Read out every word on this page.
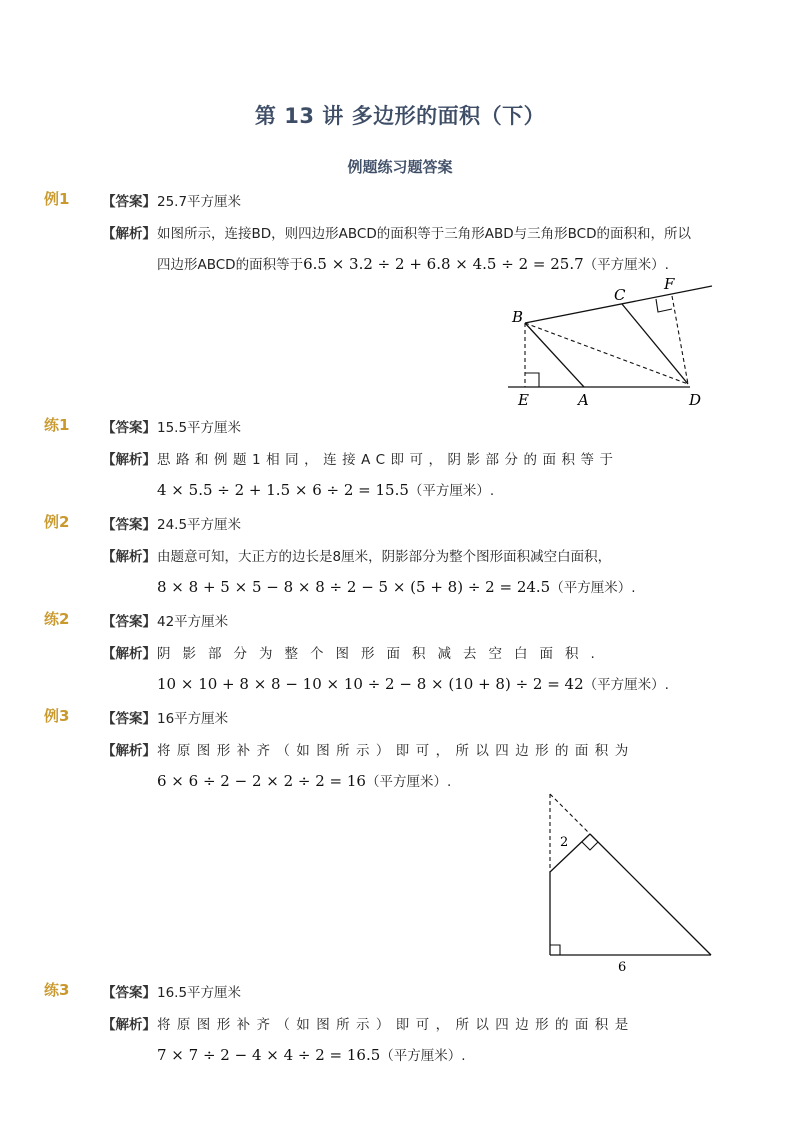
第 13 讲 多边形的面积（下）
例题练习题答案
例1 【答案】 25.7平方厘米
【解析】 如图所示，连接BD，则四边形ABCD的面积等于三角形ABD与三角形BCD的面积和，所以
四边形ABCD的面积等于6.5 × 3.2 ÷ 2 + 6.8 × 4.5 ÷ 2 = 25.7（平方厘米）.
B
C
F
E	A	D
练1 【答案】 15.5平方厘米
【解析】 思路和例题1相同，连接AC即可，阴影部分的面积等于
4 × 5.5 ÷ 2 + 1.5 × 6 ÷ 2 = 15.5（平方厘米）.
例2 【答案】 24.5平方厘米
【解析】 由题意可知，大正方的边长是8厘米，阴影部分为整个图形面积减空白面积，
8 × 8 + 5 × 5 − 8 × 8 ÷ 2 − 5 × (5 + 8) ÷ 2 = 24.5（平方厘米）.
练2 【答案】 42平方厘米
【解析】 阴影部分为整个图形面积减去空白面积.
10 × 10 + 8 × 8 − 10 × 10 ÷ 2 − 8 × (10 + 8) ÷ 2 = 42（平方厘米）.
例3 【答案】 16平方厘米
【解析】 将原图形补齐（如图所示）即可，所以四边形的面积为
6 × 6 ÷ 2 − 2 × 2 ÷ 2 = 16（平方厘米）.
2
6
练3 【答案】 16.5平方厘米
【解析】 将原图形补齐（如图所示）即可，所以四边形的面积是
7 × 7 ÷ 2 − 4 × 4 ÷ 2 = 16.5（平方厘米）.
